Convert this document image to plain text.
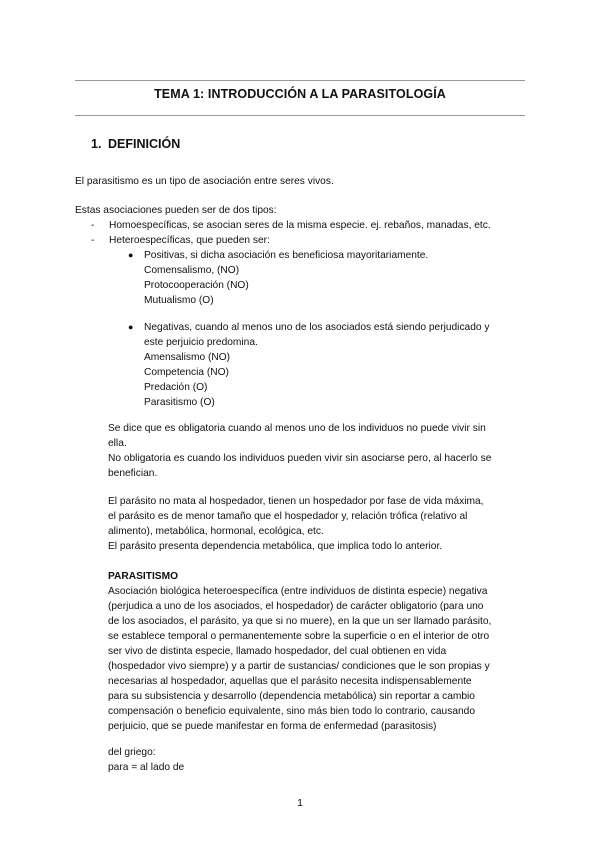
TEMA 1: INTRODUCCIÓN A LA PARASITOLOGÍA
1. DEFINICIÓN
El parasitismo es un tipo de asociación entre seres vivos.
Estas asociaciones pueden ser de dos tipos:
- Homoespecíficas, se asocian seres de la misma especie. ej. rebaños, manadas, etc.
- Heteroespecíficas, que pueden ser:
● Positivas, si dicha asociación es beneficiosa mayoritariamente.
Comensalismo, (NO)
Protocooperación (NO)
Mutualismo (O)
● Negativas, cuando al menos uno de los asociados está siendo perjudicado y
este perjuicio predomina.
Amensalismo (NO)
Competencia (NO)
Predación (O)
Parasitismo (O)
Se dice que es obligatoria cuando al menos uno de los individuos no puede vivir sin
ella.
No obligatoria es cuando los individuos pueden vivir sin asociarse pero, al hacerlo se
benefician.
El parásito no mata al hospedador, tienen un hospedador por fase de vida máxima,
el parásito es de menor tamaño que el hospedador y, relación trófica (relativo al
alimento), metabólica, hormonal, ecológica, etc.
El parásito presenta dependencia metabólica, que implica todo lo anterior.
PARASITISMO
Asociación biológica heteroespecífica (entre individuos de distinta especie) negativa
(perjudica a uno de los asociados, el hospedador) de carácter obligatorio (para uno
de los asociados, el parásito, ya que si no muere), en la que un ser llamado parásito,
se establece temporal o permanentemente sobre la superficie o en el interior de otro
ser vivo de distinta especie, llamado hospedador, del cual obtienen en vida
(hospedador vivo siempre) y a partir de sustancias/ condiciones que le son propias y
necesarias al hospedador, aquellas que el parásito necesita indispensablemente
para su subsistencia y desarrollo (dependencia metabólica) sin reportar a cambio
compensación o beneficio equivalente, sino más bien todo lo contrario, causando
perjuicio, que se puede manifestar en forma de enfermedad (parasitosis)
del griego:
para = al lado de
1
